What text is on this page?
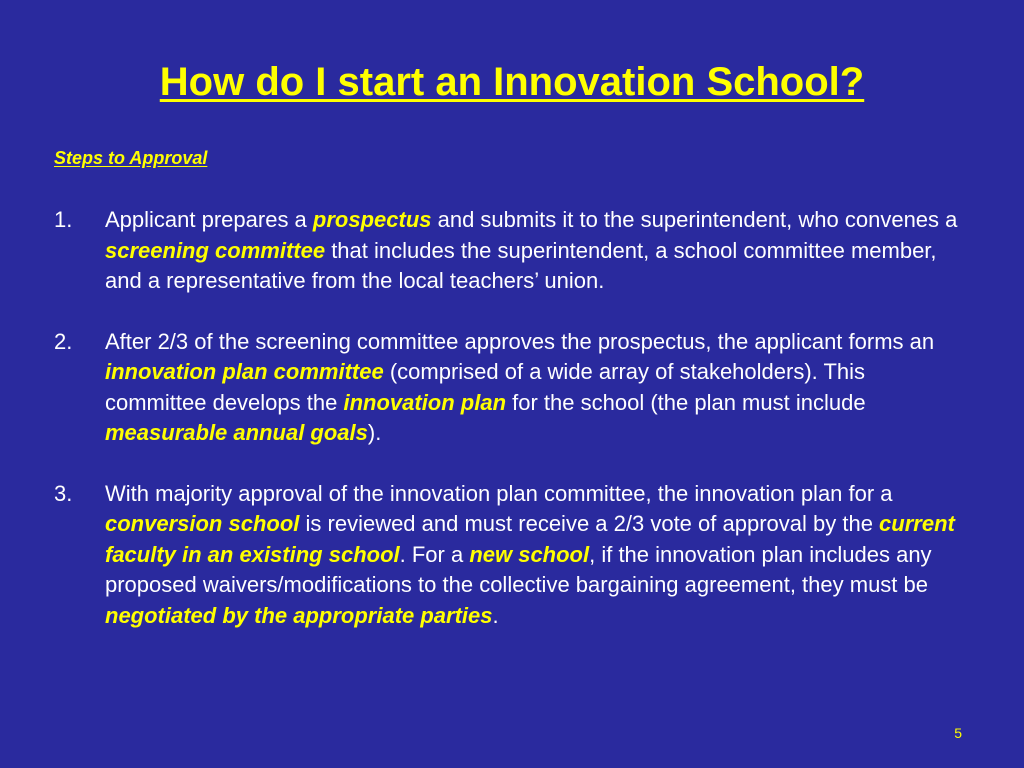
How do I start an Innovation School?
Steps to Approval
1.	Applicant prepares a prospectus and submits it to the superintendent, who convenes a screening committee that includes the superintendent, a school committee member, and a representative from the local teachers’ union.
2.	After 2/3 of the screening committee approves the prospectus, the applicant forms an innovation plan committee (comprised of a wide array of stakeholders). This committee develops the innovation plan for the school (the plan must include measurable annual goals).
3.	With majority approval of the innovation plan committee, the innovation plan for a conversion school is reviewed and must receive a 2/3 vote of approval by the current faculty in an existing school. For a new school, if the innovation plan includes any proposed waivers/modifications to the collective bargaining agreement, they must be negotiated by the appropriate parties.
5
